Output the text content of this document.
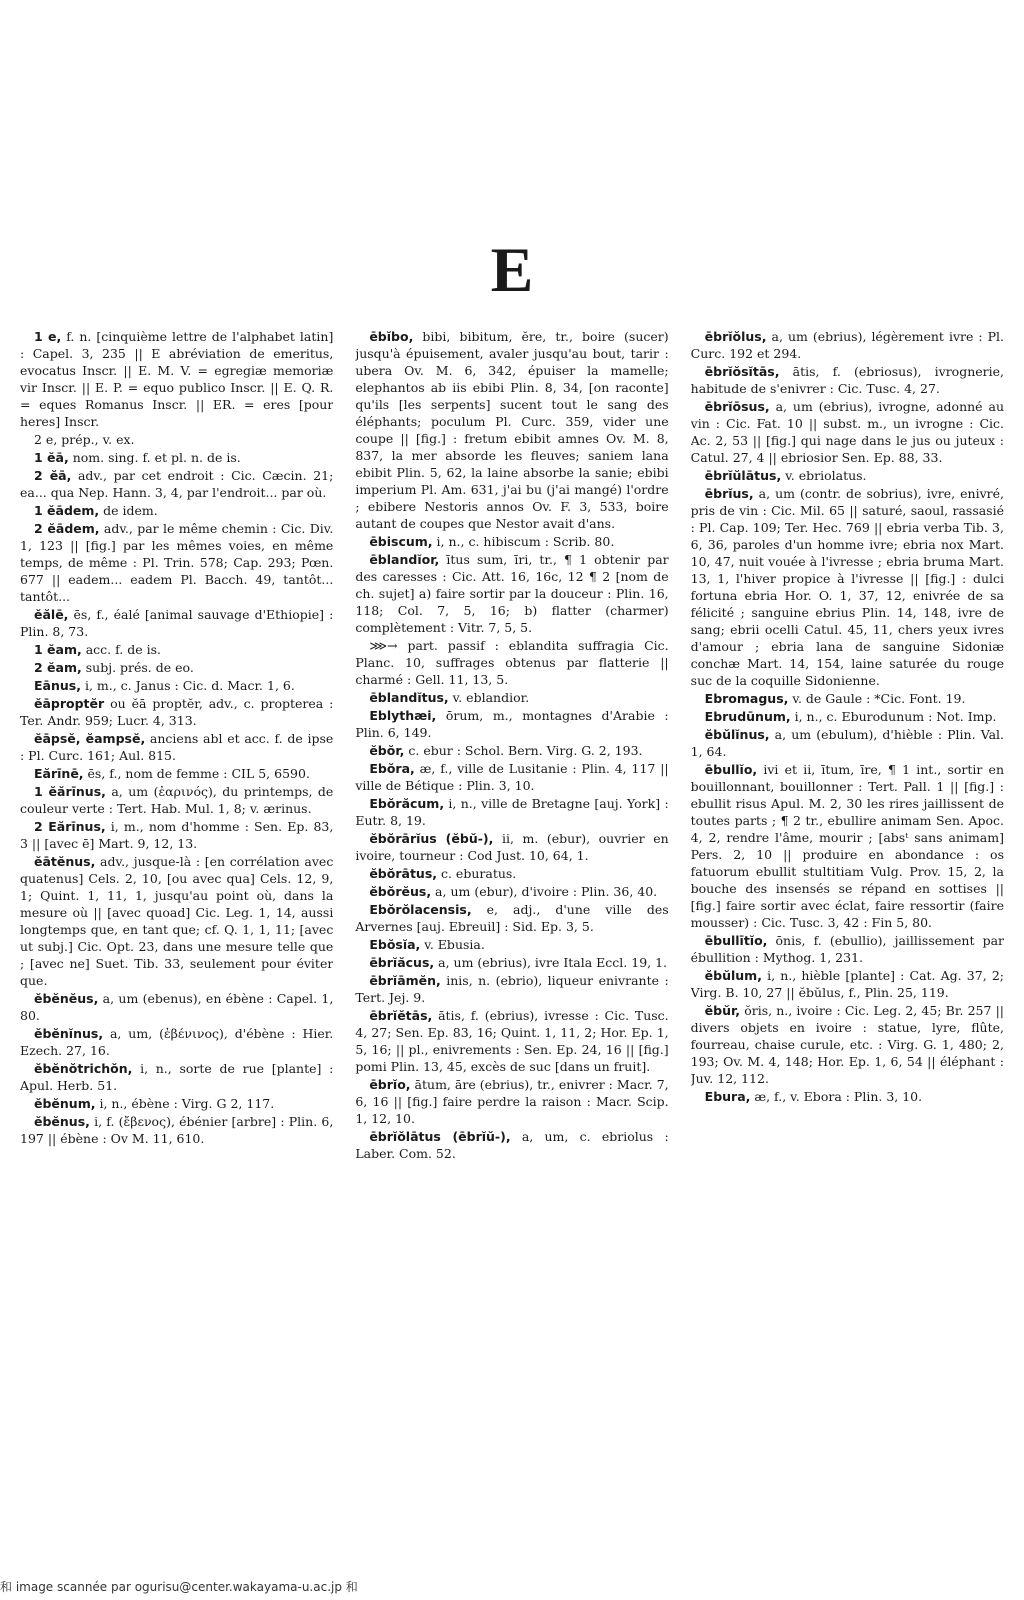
E

1 e, f. n. [cinquième lettre de l'alphabet latin] : Capel. 3, 235 || E abréviation de emeritus, evocatus Inscr. || E. M. V. = egregiæ memoriæ vir Inscr. || E. P. = equo publico Inscr. || E. Q. R. = eques Romanus Inscr. || ER. = eres [pour heres] Inscr.

2 e, prép., v. ex.

1 ĕā, nom. sing. f. et pl. n. de is.

2 ĕā, adv., par cet endroit : Cic. Cæcin. 21; ea... qua Nep. Hann. 3, 4, par l'endroit... par où.

1 ĕādem, de idem.

2 ĕādem, adv., par le même chemin : Cic. Div. 1, 123 || [fig.] par les mêmes voies, en même temps, de même : Pl. Trin. 578; Cap. 293; Pœn. 677 || eadem... eadem Pl. Bacch. 49, tantôt... tantôt...

ĕălē, ēs, f., éalé [animal sauvage d'Ethiopie] : Plin. 8, 73.

1 ĕam, acc. f. de is.

2 ĕam, subj. prés. de eo.

Eānus, i, m., c. Janus : Cic. d. Macr. 1, 6.

ĕāproptĕr ou ĕā proptĕr, adv., c. propterea : Ter. Andr. 959; Lucr. 4, 313.

ĕāpsĕ, ĕampsĕ, anciens abl et acc. f. de ipse : Pl. Curc. 161; Aul. 815.

Eărīnē, ēs, f., nom de femme : CIL 5, 6590.

1 ĕărīnus, a, um (ἐαρινός), du printemps, de couleur verte : Tert. Hab. Mul. 1, 8; v. ærinus.

2 Eărīnus, i, m., nom d'homme : Sen. Ep. 83, 3 || [avec ē] Mart. 9, 12, 13.

ĕātĕnus, adv., jusque-là : [en corrélation avec quatenus] Cels. 2, 10, [ou avec qua] Cels. 12, 9, 1; Quint. 1, 11, 1, jusqu'au point où, dans la mesure où || [avec quoad] Cic. Leg. 1, 14, aussi longtemps que, en tant que; cf. Q. 1, 1, 11; [avec ut subj.] Cic. Opt. 23, dans une mesure telle que ; [avec ne] Suet. Tib. 33, seulement pour éviter que.

ĕbĕnĕus, a, um (ebenus), en ébène : Capel. 1, 80.

ĕbĕnĭnus, a, um, (ἐβένινος), d'ébène : Hier. Ezech. 27, 16.

ĕbĕnŏtrichŏn, i, n., sorte de rue [plante] : Apul. Herb. 51.

ĕbĕnum, i, n., ébène : Virg. G 2, 117.

ĕbĕnus, i, f. (ἔβενος), ébénier [arbre] : Plin. 6, 197 || ébène : Ov M. 11, 610.

ēbĭbo, bibi, bibitum, ĕre, tr., boire (sucer) jusqu'à épuisement, avaler jusqu'au bout, tarir : ubera Ov. M. 6, 342, épuiser la mamelle; elephantos ab iis ebibi Plin. 8, 34, [on raconte] qu'ils [les serpents] sucent tout le sang des éléphants; poculum Pl. Curc. 359, vider une coupe || [fig.] : fretum ebibit amnes Ov. M. 8, 837, la mer absorde les fleuves; saniem lana ebibit Plin. 5, 62, la laine absorbe la sanie; ebibi imperium Pl. Am. 631, j'ai bu (j'ai mangé) l'ordre ; ebibere Nestoris annos Ov. F. 3, 533, boire autant de coupes que Nestor avait d'ans.

ēbiscum, i, n., c. hibiscum : Scrib. 80.

ēblandĭor, ītus sum, īri, tr., ¶ 1 obtenir par des caresses : Cic. Att. 16, 16c, 12 ¶ 2 [nom de ch. sujet] a) faire sortir par la douceur : Plin. 16, 118; Col. 7, 5, 16; b) flatter (charmer) complètement : Vitr. 7, 5, 5.

⋙→ part. passif : eblandita suffragia Cic. Planc. 10, suffrages obtenus par flatterie || charmé : Gell. 11, 13, 5.

ēblandĭtus, v. eblandior.

Eblythæi, ōrum, m., montagnes d'Arabie : Plin. 6, 149.

ĕbŏr, c. ebur : Schol. Bern. Virg. G. 2, 193.

Ebŏra, æ, f., ville de Lusitanie : Plin. 4, 117 || ville de Bétique : Plin. 3, 10.

Ebŏrăcum, i, n., ville de Bretagne [auj. York] : Eutr. 8, 19.

ĕbŏrārĭus (ĕbŭ-), ii, m. (ebur), ouvrier en ivoire, tourneur : Cod Just. 10, 64, 1.

ĕbŏrātus, c. eburatus.

ĕbŏrĕus, a, um (ebur), d'ivoire : Plin. 36, 40.

Ebŏrŏlacensis, e, adj., d'une ville des Arvernes [auj. Ebreuil] : Sid. Ep. 3, 5.

Ebŏsĭa, v. Ebusia.

ēbrĭăcus, a, um (ebrius), ivre Itala Eccl. 19, 1.

ēbrĭāmĕn, inis, n. (ebrio), liqueur enivrante : Tert. Jej. 9.

ēbrĭĕtās, ātis, f. (ebrius), ivresse : Cic. Tusc. 4, 27; Sen. Ep. 83, 16; Quint. 1, 11, 2; Hor. Ep. 1, 5, 16; || pl., enivrements : Sen. Ep. 24, 16 || [fig.] pomi Plin. 13, 45, excès de suc [dans un fruit].

ēbrĭo, ātum, āre (ebrius), tr., enivrer : Macr. 7, 6, 16 || [fig.] faire perdre la raison : Macr. Scip. 1, 12, 10.

ēbrĭŏlātus (ēbrĭŭ-), a, um, c. ebriolus : Laber. Com. 52.

ēbrĭŏlus, a, um (ebrius), légèrement ivre : Pl. Curc. 192 et 294.

ēbrĭŏsĭtās, ātis, f. (ebriosus), ivrognerie, habitude de s'enivrer : Cic. Tusc. 4, 27.

ēbrĭōsus, a, um (ebrius), ivrogne, adonné au vin : Cic. Fat. 10 || subst. m., un ivrogne : Cic. Ac. 2, 53 || [fig.] qui nage dans le jus ou juteux : Catul. 27, 4 || ebriosior Sen. Ep. 88, 33.

ēbrĭŭlātus, v. ebriolatus.

ēbrĭus, a, um (contr. de sobrius), ivre, enivré, pris de vin : Cic. Mil. 65 || saturé, saoul, rassasié : Pl. Cap. 109; Ter. Hec. 769 || ebria verba Tib. 3, 6, 36, paroles d'un homme ivre; ebria nox Mart. 10, 47, nuit vouée à l'ivresse ; ebria bruma Mart. 13, 1, l'hiver propice à l'ivresse || [fig.] : dulci fortuna ebria Hor. O. 1, 37, 12, enivrée de sa félicité ; sanguine ebrius Plin. 14, 148, ivre de sang; ebrii ocelli Catul. 45, 11, chers yeux ivres d'amour ; ebria lana de sanguine Sidoniæ conchæ Mart. 14, 154, laine saturée du rouge suc de la coquille Sidonienne.

Ebromagus, v. de Gaule : *Cic. Font. 19.

Ebrudūnum, i, n., c. Eburodunum : Not. Imp.

ĕbŭlĭnus, a, um (ebulum), d'hièble : Plin. Val. 1, 64.

ēbullĭo, ivi et ii, ītum, īre, ¶ 1 int., sortir en bouillonnant, bouillonner : Tert. Pall. 1 || [fig.] : ebullit risus Apul. M. 2, 30 les rires jaillissent de toutes parts ; ¶ 2 tr., ebullire animam Sen. Apoc. 4, 2, rendre l'âme, mourir ; [absᵗ sans animam] Pers. 2, 10 || produire en abondance : os fatuorum ebullit stultitiam Vulg. Prov. 15, 2, la bouche des insensés se répand en sottises || [fig.] faire sortir avec éclat, faire ressortir (faire mousser) : Cic. Tusc. 3, 42 : Fin 5, 80.

ēbullītĭo, ōnis, f. (ebullio), jaillissement par ébullition : Mythog. 1, 231.

ĕbŭlum, i, n., hièble [plante] : Cat. Ag. 37, 2; Virg. B. 10, 27 || ĕbŭlus, f., Plin. 25, 119.

ĕbŭr, ŏris, n., ivoire : Cic. Leg. 2, 45; Br. 257 || divers objets en ivoire : statue, lyre, flûte, fourreau, chaise curule, etc. : Virg. G. 1, 480; 2, 193; Ov. M. 4, 148; Hor. Ep. 1, 6, 54 || éléphant : Juv. 12, 112.

Ebura, æ, f., v. Ebora : Plin. 3, 10.

和 image scannée par ogurisu@center.wakayama-u.ac.jp 和
